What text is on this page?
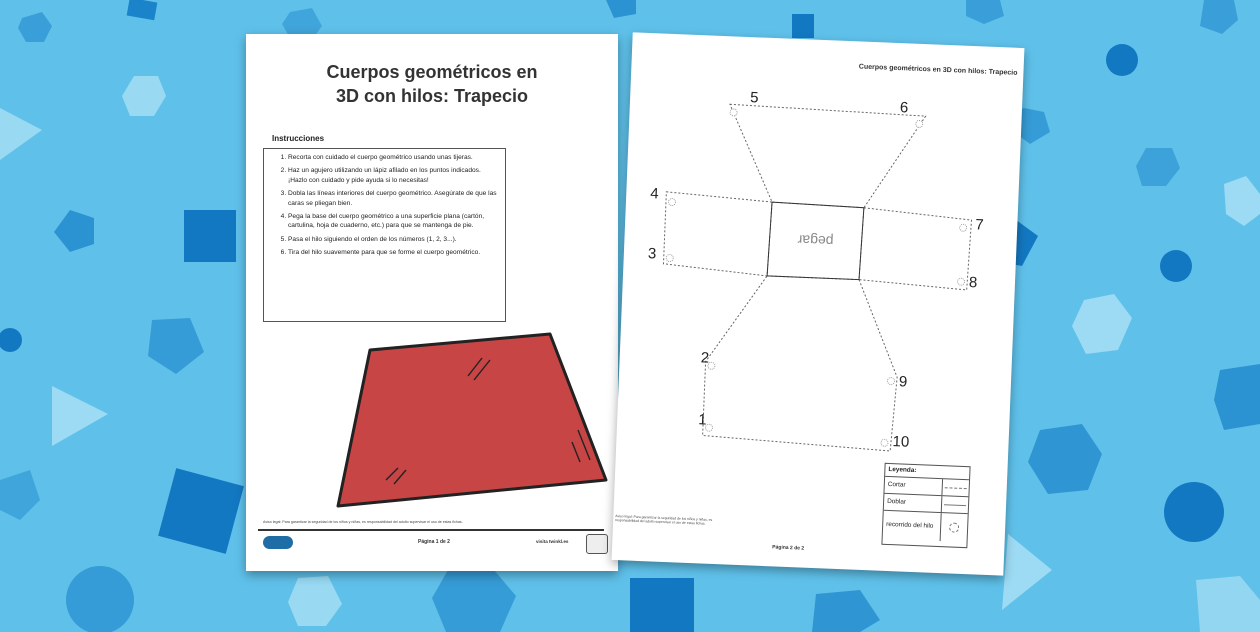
Cuerpos geométricos en
3D con hilos: Trapecio
Instrucciones
1. Recorta con cuidado el cuerpo geométrico usando unas tijeras.
2. Haz un agujero utilizando un lápiz afilado en los puntos indicados. ¡Hazlo con cuidado y pide ayuda si lo necesitas!
3. Dobla las líneas interiores del cuerpo geométrico. Asegúrate de que las caras se pliegan bien.
4. Pega la base del cuerpo geométrico a una superficie plana (cartón, cartulina, hoja de cuaderno, etc.) para que se mantenga de pie.
5. Pasa el hilo siguiendo el orden de los números (1, 2, 3...).
6. Tira del hilo suavemente para que se forme el cuerpo geométrico.
Aviso legal: Para garantizar la seguridad de los niños y niñas, es responsabilidad del adulto supervisar el uso de estas fichas.
Página 1 de 2	visita twinkl.es
Cuerpos geométricos en 3D con hilos: Trapecio
pegar
1
2
3
4
5
6
7
8
9
10
Leyenda:
Cortar
Doblar
recorrido del hilo
Aviso legal: Para garantizar la seguridad de los niños y niñas, es responsabilidad del adulto supervisar el uso de estas fichas.
Página 2 de 2
